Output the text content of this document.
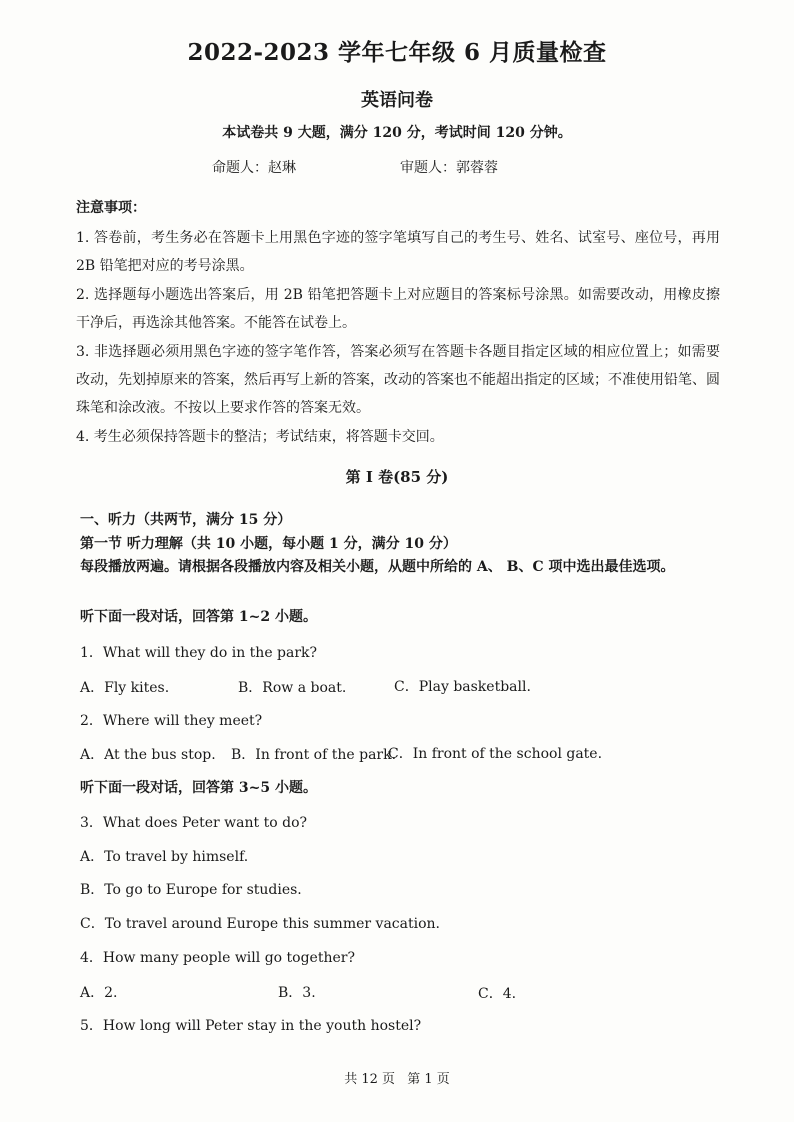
2022-2023 学年七年级 6 月质量检查
英语问卷
本试卷共 9 大题，满分 120 分，考试时间 120 分钟。
命题人：赵琳	审题人：郭蓉蓉
注意事项：

1. 答卷前，考生务必在答题卡上用黑色字迹的签字笔填写自己的考生号、姓名、试室号、座位号，再用 2B 铅笔把对应的考号涂黑。

2. 选择题每小题选出答案后，用 2B 铅笔把答题卡上对应题目的答案标号涂黑。如需要改动，用橡皮擦干净后，再选涂其他答案。不能答在试卷上。

3. 非选择题必须用黑色字迹的签字笔作答，答案必须写在答题卡各题目指定区域的相应位置上；如需要改动，先划掉原来的答案，然后再写上新的答案，改动的答案也不能超出指定的区域；不准使用铅笔、圆珠笔和涂改液。不按以上要求作答的答案无效。

4. 考生必须保持答题卡的整洁；考试结束，将答题卡交回。

第 I 卷(85 分)

一、听力（共两节，满分 15 分）

第一节 听力理解（共 10 小题，每小题 1 分，满分 10 分）

每段播放两遍。请根据各段播放内容及相关小题，从题中所给的 A、 B、C 项中选出最佳选项。

听下面一段对话，回答第 1~2 小题。
1．What will they do in the park?
A．Fly kites.	B．Row a boat.	C．Play basketball.
2．Where will they meet?
A．At the bus stop. B．In front of the park.
C．In front of the school gate.
听下面一段对话，回答第 3~5 小题。
3．What does Peter want to do?
A．To travel by himself.
B．To go to Europe for studies.
C．To travel around Europe this summer vacation.
4．How many people will go together?
A．2.	B．3.	C．4.
5．How long will Peter stay in the youth hostel?
共 12 页 第 1 页
